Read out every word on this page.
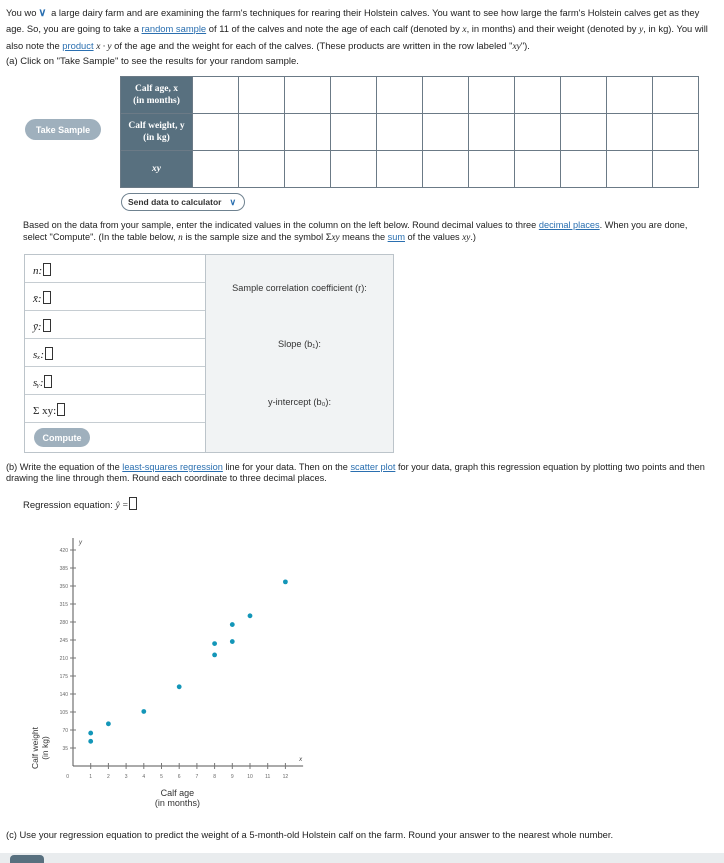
You wo ∨ a large dairy farm and are examining the farm's techniques for rearing their Holstein calves. You want to see how large the farm's Holstein calves get as they age. So, you are going to take a random sample of 11 of the calves and note the age of each calf (denoted by x, in months) and their weight (denoted by y, in kg). You will also note the product x · y of the age and the weight for each of the calves. (These products are written in the row labeled "xy").
(a) Click on "Take Sample" to see the results for your random sample.
Take Sample
Calf age, x
(in months)											

Calf weight, y
(in kg)											

xy											
Send data to calculator ∨
Based on the data from your sample, enter the indicated values in the column on the left below. Round decimal values to three decimal places. When you are done, select "Compute". (In the table below, n is the sample size and the symbol Σxy means the sum of the values xy.)
n:
x̄:
ȳ:
sₓ:
sᵧ:
Σ xy:
Compute
Sample correlation coefficient (r):
Slope (b₁):
y-intercept (b₀):
(b) Write the equation of the least-squares regression line for your data. Then on the scatter plot for your data, graph this regression equation by plotting two points and then drawing the line through them. Round each coordinate to three decimal places.
Regression equation: ŷ =
1	2	3	4	5	6	7	8	9	10 11 12
35
70
105
140
175
210
245
280
315
350
385
420
0
y
x
Calf age
(in months)
Calf weight (in kg)
(c) Use your regression equation to predict the weight of a 5-month-old Holstein calf on the farm. Round your answer to the nearest whole number.
